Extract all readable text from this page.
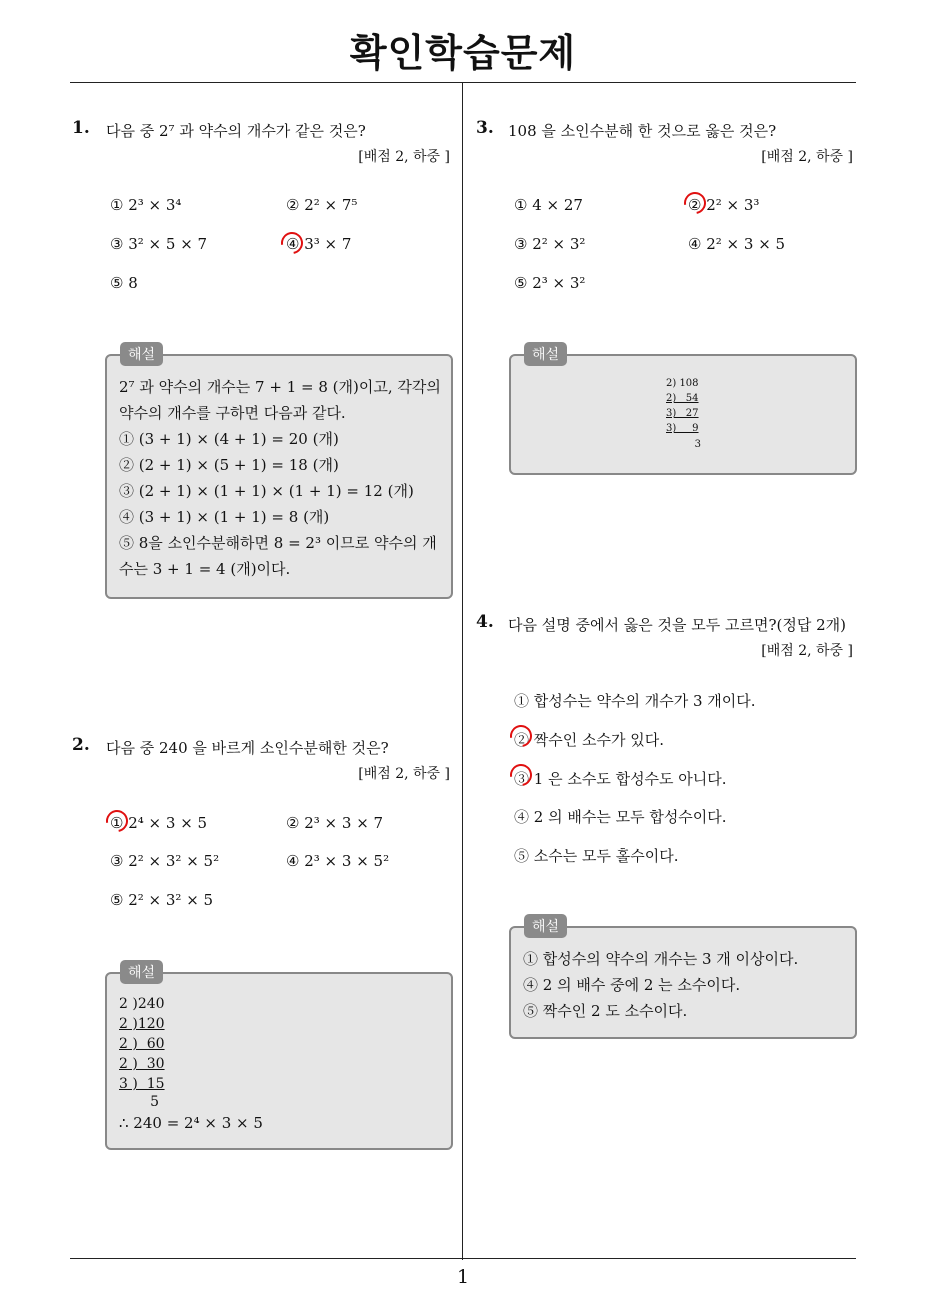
확인학습문제
1
1. 다음 중 2⁷ 과 약수의 개수가 같은 것은?
[배점 2, 하중 ]
① 2³ × 3⁴	② 2² × 7⁵
③ 3² × 5 × 7	④ 3³ × 7
⑤ 8
2⁷ 과 약수의 개수는 7 + 1 = 8 (개)이고, 각각의
약수의 개수를 구하면 다음과 같다.
① (3 + 1) × (4 + 1) = 20 (개)
② (2 + 1) × (5 + 1) = 18 (개)
③ (2 + 1) × (1 + 1) × (1 + 1) = 12 (개)
④ (3 + 1) × (1 + 1) = 8 (개)
⑤ 8을 소인수분해하면 8 = 2³ 이므로 약수의 개
수는 3 + 1 = 4 (개)이다.
해설
2. 다음 중 240 을 바르게 소인수분해한 것은?
[배점 2, 하중 ]
① 2⁴ × 3 × 5	② 2³ × 3 × 7
③ 2² × 3² × 5²	④ 2³ × 3 × 5²
⑤ 2² × 3² × 5
2 )240
2 )120
2 )  60
2 )  30
3 )  15
5
∴ 240 = 2⁴ × 3 × 5
해설
3. 108 을 소인수분해 한 것으로 옳은 것은?
[배점 2, 하중 ]
① 4 × 27	② 2² × 3³
③ 2² × 3²	④ 2² × 3 × 5
⑤ 2³ × 3²
2) 108
2)   54
3)   27
3)     9
3
해설
4. 다음 설명 중에서 옳은 것을 모두 고르면?(정답 2개)
[배점 2, 하중 ]
① 합성수는 약수의 개수가 3 개이다.
② 짝수인 소수가 있다.
③ 1 은 소수도 합성수도 아니다.
④ 2 의 배수는 모두 합성수이다.
⑤ 소수는 모두 홀수이다.
① 합성수의 약수의 개수는 3 개 이상이다.
④ 2 의 배수 중에 2 는 소수이다.
⑤ 짝수인 2 도 소수이다.
해설
